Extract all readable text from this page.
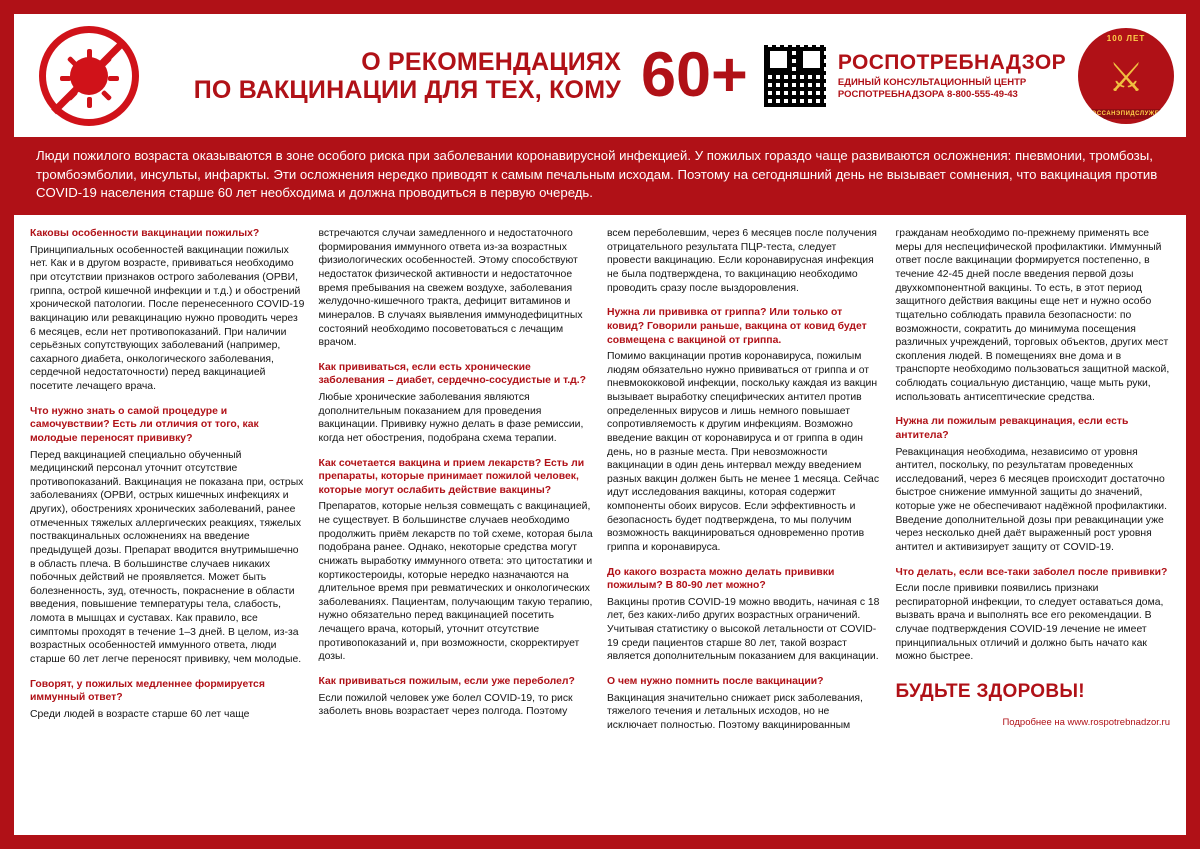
О РЕКОМЕНДАЦИЯХ
ПО ВАКЦИНАЦИИ ДЛЯ ТЕХ, КОМУ 60+	РОСПОТРЕБНАДЗОР
ЕДИНЫЙ КОНСУЛЬТАЦИОННЫЙ ЦЕНТР
РОСПОТРЕБНАДЗОРА 8-800-555-49-43
100 ЛЕТ
⚔
ГОССАНЭПИДСЛУЖБА
Люди пожилого возраста оказываются в зоне особого риска при заболевании коронавирусной инфекцией. У пожилых гораздо чаще развиваются осложнения: пневмонии, тромбозы, тромбоэмболии, инсульты, инфаркты. Эти осложнения нередко приводят к самым печальным исходам. Поэтому на сегодняшний день не вызывает сомнения, что вакцинация против COVID-19 населения старше 60 лет необходима и должна проводиться в первую очередь.
Каковы особенности вакцинации пожилых?
Принципиальных особенностей вакцинации пожилых нет. Как и в другом возрасте, прививаться необходимо при отсутствии признаков острого заболевания (ОРВИ, гриппа, острой кишечной инфекции и т.д.) и обострений хронической патологии. После перенесенного COVID-19 вакцинацию или ревакцинацию нужно проводить через 6 месяцев, если нет противопоказаний. При наличии серьёзных сопутствующих заболеваний (например, сахарного диабета, онкологического заболевания, сердечной недостаточности) перед вакцинацией посетите лечащего врача.
Что нужно знать о самой процедуре и самочувствии? Есть ли отличия от того, как молодые переносят прививку?
Перед вакцинацией специально обученный медицинский персонал уточнит отсутствие противопоказаний. Вакцинация не показана при, острых заболеваниях (ОРВИ, острых кишечных инфекциях и других), обострениях хронических заболеваний, ранее отмеченных тяжелых аллергических реакциях, тяжелых поствакцинальных осложнениях на введение предыдущей дозы. Препарат вводится внутримышечно в область плеча. В большинстве случаев никаких побочных действий не проявляется. Может быть болезненность, зуд, отечность, покраснение в области введения, повышение температуры тела, слабость, ломота в мышцах и суставах. Как правило, все симптомы проходят в течение 1–3 дней. В целом, из-за возрастных особенностей иммунного ответа, люди старше 60 лет легче переносят прививку, чем молодые.
Говорят, у пожилых медленнее формируется иммунный ответ?
Среди людей в возрасте старше 60 лет чаще
встречаются случаи замедленного и недостаточного формирования иммунного ответа из-за возрастных физиологических особенностей. Этому способствуют недостаток физической активности и недостаточное время пребывания на свежем воздухе, заболевания желудочно-кишечного тракта, дефицит витаминов и минералов. В случаях выявления иммунодефицитных состояний необходимо посоветоваться с лечащим врачом.
Как прививаться, если есть хронические заболевания – диабет, сердечно-сосудистые и т.д.?
Любые хронические заболевания являются дополнительным показанием для проведения вакцинации. Прививку нужно делать в фазе ремиссии, когда нет обострения, подобрана схема терапии.
Как сочетается вакцина и прием лекарств? Есть ли препараты, которые принимает пожилой человек, которые могут ослабить действие вакцины?
Препаратов, которые нельзя совмещать с вакцинацией, не существует. В большинстве случаев необходимо продолжить приём лекарств по той схеме, которая была подобрана ранее. Однако, некоторые средства могут снижать выработку иммунного ответа: это цитостатики и кортикостероиды, которые нередко назначаются на длительное время при ревматических и онкологических заболеваниях. Пациентам, получающим такую терапию, нужно обязательно перед вакцинацией посетить лечащего врача, который, уточнит отсутствие противопоказаний и, при возможности, скорректирует дозы.
Как прививаться пожилым, если уже переболел?
Если пожилой человек уже болел COVID-19, то риск заболеть вновь возрастает через полгода. Поэтому
всем переболевшим, через 6 месяцев после получения отрицательного результата ПЦР-теста, следует провести вакцинацию. Если коронавирусная инфекция не была подтверждена, то вакцинацию необходимо проводить сразу после выздоровления.
Нужна ли прививка от гриппа? Или только от ковид? Говорили раньше, вакцина от ковид будет совмещена с вакциной от гриппа.
Помимо вакцинации против коронавируса, пожилым людям обязательно нужно прививаться от гриппа и от пневмококковой инфекции, поскольку каждая из вакцин вызывает выработку специфических антител против определенных вирусов и лишь немного повышает сопротивляемость к другим инфекциям. Возможно введение вакцин от коронавируса и от гриппа в один день, но в разные места. При невозможности вакцинации в один день интервал между введением разных вакцин должен быть не менее 1 месяца. Сейчас идут исследования вакцины, которая содержит компоненты обоих вирусов. Если эффективность и безопасность будет подтверждена, то мы получим возможность вакцинироваться одновременно против гриппа и коронавируса.
До какого возраста можно делать прививки пожилым? В 80-90 лет можно?
Вакцины против COVID-19 можно вводить, начиная с 18 лет, без каких-либо других возрастных ограничений. Учитывая статистику о высокой летальности от COVID-19 среди пациентов старше 80 лет, такой возраст является дополнительным показанием для вакцинации.
О чем нужно помнить после вакцинации?
Вакцинация значительно снижает риск заболевания, тяжелого течения и летальных исходов, но не исключает полностью. Поэтому вакцинированным
гражданам необходимо по-прежнему применять все меры для неспецифической профилактики. Иммунный ответ после вакцинации формируется постепенно, в течение 42-45 дней после введения первой дозы двухкомпонентной вакцины. То есть, в этот период защитного действия вакцины еще нет и нужно особо тщательно соблюдать правила безопасности: по возможности, сократить до минимума посещения различных учреждений, торговых объектов, других мест скопления людей. В помещениях вне дома и в транспорте необходимо пользоваться защитной маской, соблюдать социальную дистанцию, чаще мыть руки, использовать антисептические средства.
Нужна ли пожилым ревакцинация, если есть антитела?
Ревакцинация необходима, независимо от уровня антител, поскольку, по результатам проведенных исследований, через 6 месяцев происходит достаточно быстрое снижение иммунной защиты до значений, которые уже не обеспечивают надёжной профилактики. Введение дополнительной дозы при ревакцинации уже через несколько дней даёт выраженный рост уровня антител и активизирует защиту от COVID-19.
Что делать, если все-таки заболел после прививки?
Если после прививки появились признаки респираторной инфекции, то следует оставаться дома, вызвать врача и выполнять все его рекомендации. В случае подтверждения COVID-19 лечение не имеет принципиальных отличий и должно быть начато как можно быстрее.
БУДЬТЕ ЗДОРОВЫ!
Подробнее на www.rospotrebnadzor.ru
